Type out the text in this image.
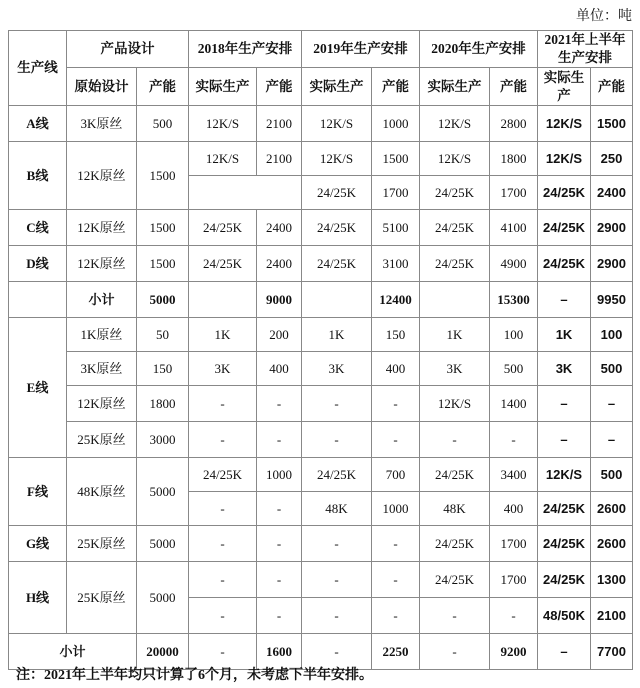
单位：吨
生产线	产品设计		2018年生产安排		2019年生产安排		2020年生产安排		2021年上半年生产安排	
	原始设计	产能	实际生产	产能	实际生产	产能	实际生产	产能	实际生产	产能
A线	3K原丝	500	12K/S	2100	12K/S	1000	12K/S	2800	12K/S	1500
B线	12K原丝	1500	12K/S	2100	12K/S	1500	12K/S	1800	12K/S	250
					24/25K	1700	24/25K	1700	24/25K	2400
C线	12K原丝	1500	24/25K	2400	24/25K	5100	24/25K	4100	24/25K	2900
D线	12K原丝	1500	24/25K	2400	24/25K	3100	24/25K	4900	24/25K	2900
	小计	5000		9000		12400		15300	–	9950
E线	1K原丝	50	1K	200	1K	150	1K	100	1K	100
	3K原丝	150	3K	400	3K	400	3K	500	3K	500
	12K原丝	1800	-	-	-	-	12K/S	1400	–	–
	25K原丝	3000	-	-	-	-	-	-	–	–
F线	48K原丝	5000	24/25K	1000	24/25K	700	24/25K	3400	12K/S	500
			-	-	48K	1000	48K	400	24/25K	2600
G线	25K原丝	5000	-	-	-	-	24/25K	1700	24/25K	2600
H线	25K原丝	5000	-	-	-	-	24/25K	1700	24/25K	1300
			-	-	-	-	-	-	48/50K	2100
小计		20000	-	1600	-	2250	-	9200	–	7700
注：2021年上半年均只计算了6个月，未考虑下半年安排。
